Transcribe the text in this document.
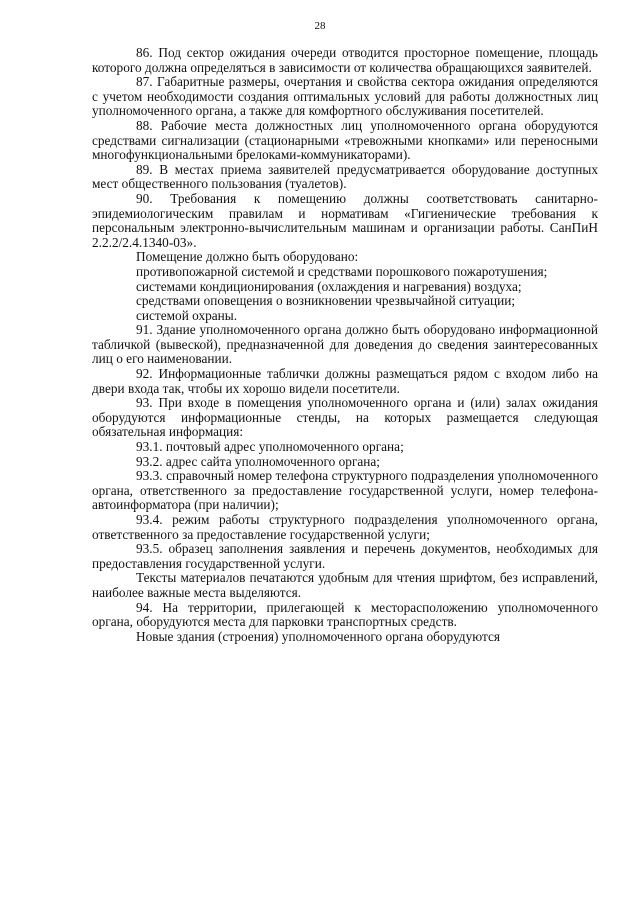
28

86. Под сектор ожидания очереди отводится просторное помещение, площадь которого должна определяться в зависимости от количества обращающихся заявителей.

87. Габаритные размеры, очертания и свойства сектора ожидания определяются с учетом необходимости создания оптимальных условий для работы должностных лиц уполномоченного органа, а также для комфортного обслуживания посетителей.

88. Рабочие места должностных лиц уполномоченного органа оборудуются средствами сигнализации (стационарными «тревожными кнопками» или переносными многофункциональными брелоками-коммуникаторами).

89. В местах приема заявителей предусматривается оборудование доступных мест общественного пользования (туалетов).

90. Требования к помещению должны соответствовать санитарно-эпидемиологическим правилам и нормативам «Гигиенические требования к персональным электронно-вычислительным машинам и организации работы. СанПиН 2.2.2/2.4.1340-03».

Помещение должно быть оборудовано:

противопожарной системой и средствами порошкового пожаротушения;

системами кондиционирования (охлаждения и нагревания) воздуха;

средствами оповещения о возникновении чрезвычайной ситуации;

системой охраны.

91. Здание уполномоченного органа должно быть оборудовано информационной табличкой (вывеской), предназначенной для доведения до сведения заинтересованных лиц о его наименовании.

92. Информационные таблички должны размещаться рядом с входом либо на двери входа так, чтобы их хорошо видели посетители.

93. При входе в помещения уполномоченного органа и (или) залах ожидания оборудуются информационные стенды, на которых размещается следующая обязательная информация:

93.1. почтовый адрес уполномоченного органа;

93.2. адрес сайта уполномоченного органа;

93.3. справочный номер телефона структурного подразделения уполномоченного органа, ответственного за предоставление государственной услуги, номер телефона-автоинформатора (при наличии);

93.4. режим работы структурного подразделения уполномоченного органа, ответственного за предоставление государственной услуги;

93.5. образец заполнения заявления и перечень документов, необходимых для предоставления государственной услуги.

Тексты материалов печатаются удобным для чтения шрифтом, без исправлений, наиболее важные места выделяются.

94. На территории, прилегающей к месторасположению уполномоченного органа, оборудуются места для парковки транспортных средств.

Новые здания (строения) уполномоченного органа оборудуются
